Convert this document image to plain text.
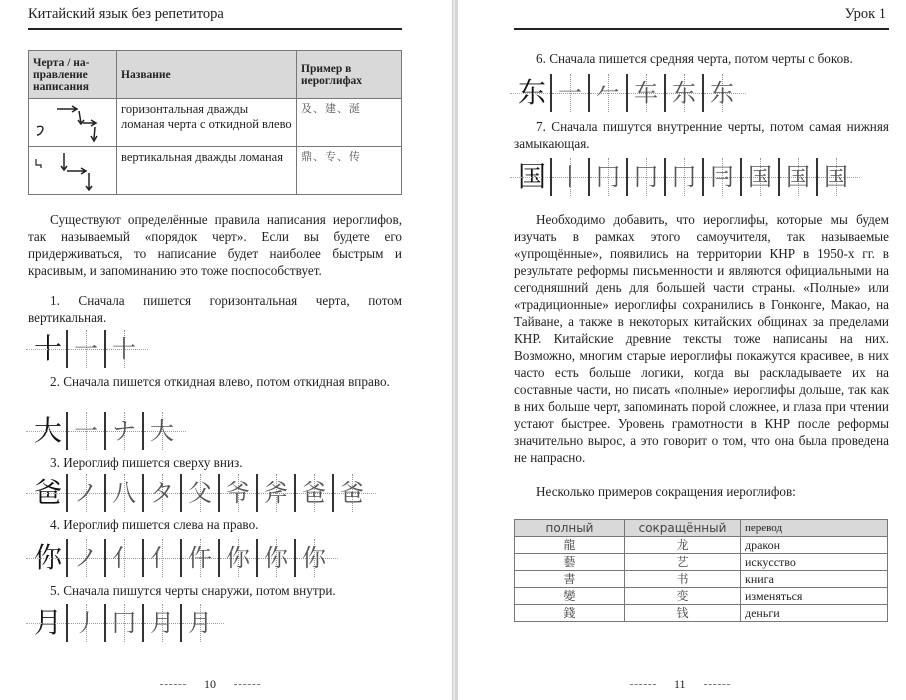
Китайский язык без репетитора
Черта / на-правление написания	Название	Пример в иероглифах

	горизонтальная дважды ломаная черта с откидной влево	及、建、涎

	вертикальная дважды ломаная	鼎、专、传

Существуют определённые правила написания иероглифов, так называемый «порядок черт». Если вы будете его придерживаться, то написание будет наиболее быстрым и красивым, и запоминанию это тоже поспособствует.

1. Сначала пишется горизонтальная черта, потом вертикальная.
十 一 十
2. Сначала пишется откидная влево, потом откидная вправо.
大 一 ナ 大
3. Иероглиф пишется сверху вниз.
爸 ノ 八 タ 父 爷 斧 爸 爸
4. Иероглиф пишется слева на право.
你 ノ 亻 亻 仵 你 你 你
5. Сначала пишутся черты снаружи, потом внутри.
月 丿 冂 月 月
10
Урок 1
6. Сначала пишется средняя черта, потом черты с боков.
东 一 𠂉 车 东 东
7. Сначала пишутся внутренние черты, потом самая нижняя замыкающая.
国 丨 冂 冂 冂 冃 国 国 国

Необходимо добавить, что иероглифы, которые мы будем изучать в рамках этого самоучителя, так называемые «упрощённые», появились на территории КНР в 1950-х гг. в результате реформы письменности и являются официальными на сегодняшний день для большей части страны. «Полные» или «традиционные» иероглифы сохранились в Гонконге, Макао, на Тайване, а также в некоторых китайских общинах за пределами КНР. Китайские древние тексты тоже написаны на них. Возможно, многим старые иероглифы покажутся красивее, в них часто есть больше логики, когда вы раскладываете их на составные части, но писать «полные» иероглифы дольше, так как в них больше черт, запоминать порой сложнее, и глаза при чтении устают быстрее. Уровень грамотности в КНР после реформы значительно вырос, а это говорит о том, что она была проведена не напрасно.

Несколько примеров сокращения иероглифов:
полный	сокращённый	перевод
龍	龙	дракон
藝	艺	искусство
書	书	книга
變	变	изменяться
錢	钱	деньги
11
